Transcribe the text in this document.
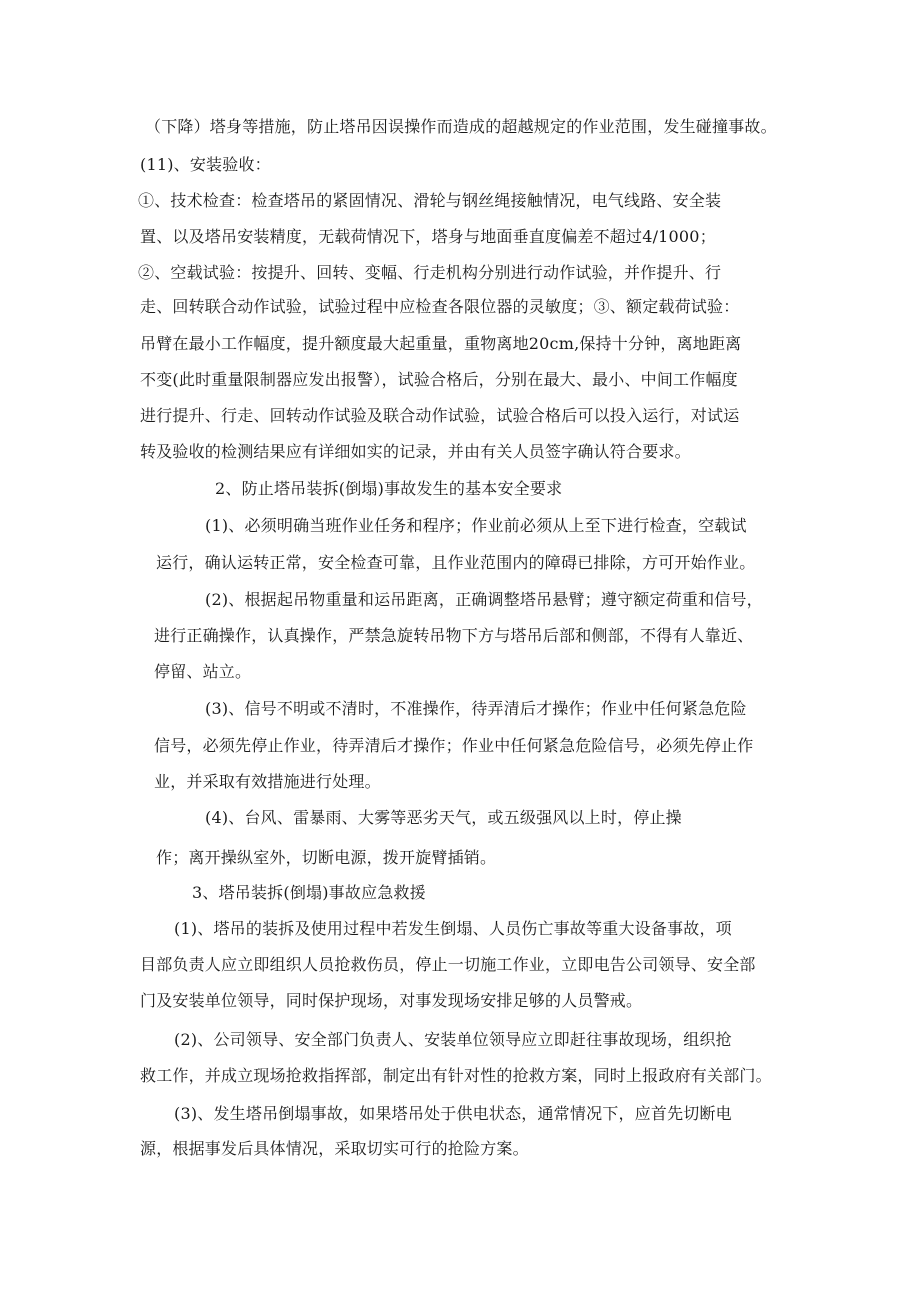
（下降）塔身等措施，防止塔吊因误操作而造成的超越规定的作业范围，发生碰撞事故。
(11)、安装验收：
①、技术检查：检查塔吊的紧固情况、滑轮与钢丝绳接触情况，电气线路、安全装
置、以及塔吊安装精度，无载荷情况下，塔身与地面垂直度偏差不超过4/1000；
②、空载试验：按提升、回转、变幅、行走机构分别进行动作试验，并作提升、行
走、回转联合动作试验，试验过程中应检查各限位器的灵敏度；③、额定载荷试验：
吊臂在最小工作幅度，提升额度最大起重量，重物离地20cm,保持十分钟，离地距离
不变(此时重量限制器应发出报警），试验合格后，分别在最大、最小、中间工作幅度
进行提升、行走、回转动作试验及联合动作试验，试验合格后可以投入运行，对试运
转及验收的检测结果应有详细如实的记录，并由有关人员签字确认符合要求。
2、防止塔吊装拆(倒塌)事故发生的基本安全要求
(1)、必须明确当班作业任务和程序；作业前必须从上至下进行检查，空载试
运行，确认运转正常，安全检查可靠，且作业范围内的障碍已排除，方可开始作业。
(2)、根据起吊物重量和运吊距离，正确调整塔吊悬臂；遵守额定荷重和信号，
进行正确操作，认真操作，严禁急旋转吊物下方与塔吊后部和侧部，不得有人靠近、
停留、站立。
(3)、信号不明或不清时，不准操作，待弄清后才操作；作业中任何紧急危险
信号，必须先停止作业，待弄清后才操作；作业中任何紧急危险信号，必须先停止作
业，并采取有效措施进行处理。
(4)、台风、雷暴雨、大雾等恶劣天气，或五级强风以上时，停止操
作；离开操纵室外，切断电源，拨开旋臂插销。
3、塔吊装拆(倒塌)事故应急救援
(1)、塔吊的装拆及使用过程中若发生倒塌、人员伤亡事故等重大设备事故，项
目部负责人应立即组织人员抢救伤员，停止一切施工作业，立即电告公司领导、安全部
门及安装单位领导，同时保护现场，对事发现场安排足够的人员警戒。
(2)、公司领导、安全部门负责人、安装单位领导应立即赶往事故现场，组织抢
救工作，并成立现场抢救指挥部，制定出有针对性的抢救方案，同时上报政府有关部门。
(3)、发生塔吊倒塌事故，如果塔吊处于供电状态，通常情况下，应首先切断电
源，根据事发后具体情况，采取切实可行的抢险方案。
